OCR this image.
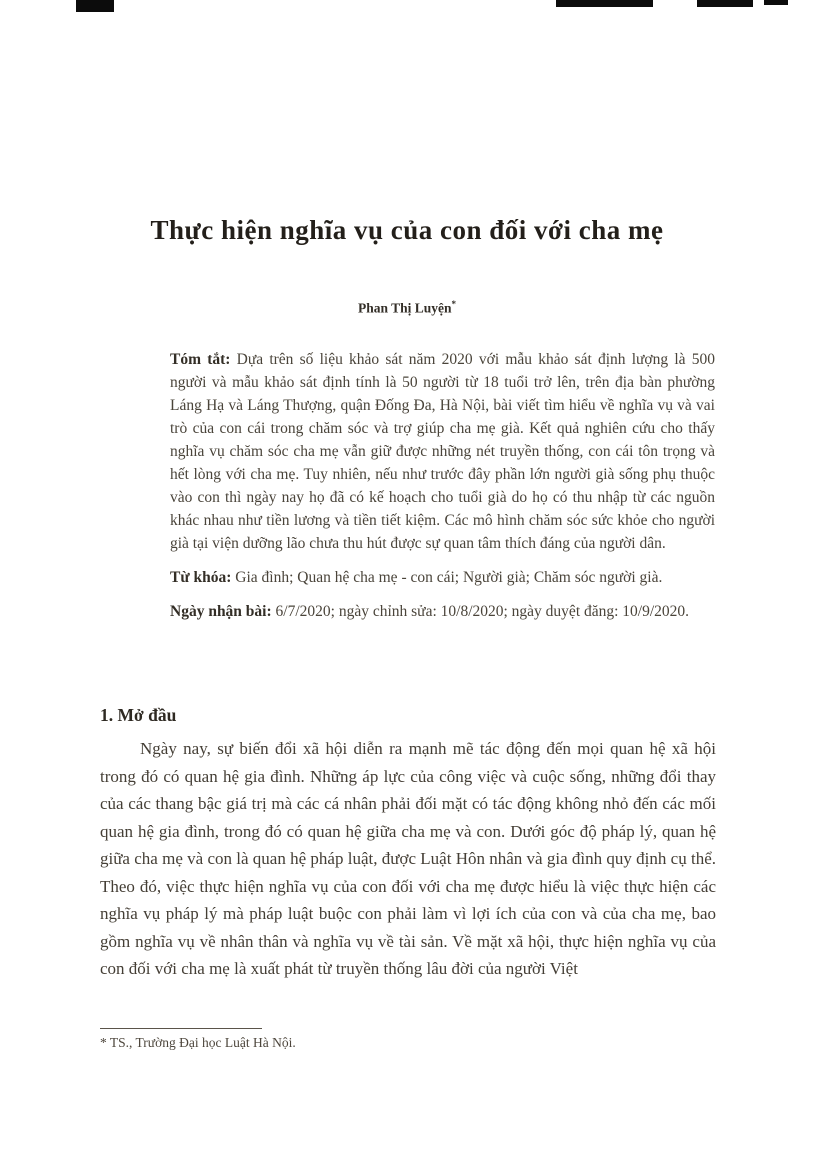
Thực hiện nghĩa vụ của con đối với cha mẹ
Phan Thị Luyện*

Tóm tắt: Dựa trên số liệu khảo sát năm 2020 với mẫu khảo sát định lượng là 500 người và mẫu khảo sát định tính là 50 người từ 18 tuổi trở lên, trên địa bàn phường Láng Hạ và Láng Thượng, quận Đống Đa, Hà Nội, bài viết tìm hiểu về nghĩa vụ và vai trò của con cái trong chăm sóc và trợ giúp cha mẹ già. Kết quả nghiên cứu cho thấy nghĩa vụ chăm sóc cha mẹ vẫn giữ được những nét truyền thống, con cái tôn trọng và hết lòng với cha mẹ. Tuy nhiên, nếu như trước đây phần lớn người già sống phụ thuộc vào con thì ngày nay họ đã có kế hoạch cho tuổi già do họ có thu nhập từ các nguồn khác nhau như tiền lương và tiền tiết kiệm. Các mô hình chăm sóc sức khỏe cho người già tại viện dưỡng lão chưa thu hút được sự quan tâm thích đáng của người dân.

Từ khóa: Gia đình; Quan hệ cha mẹ - con cái; Người già; Chăm sóc người già.

Ngày nhận bài: 6/7/2020; ngày chỉnh sửa: 10/8/2020; ngày duyệt đăng: 10/9/2020.

1. Mở đầu

Ngày nay, sự biến đổi xã hội diễn ra mạnh mẽ tác động đến mọi quan hệ xã hội trong đó có quan hệ gia đình. Những áp lực của công việc và cuộc sống, những đổi thay của các thang bậc giá trị mà các cá nhân phải đối mặt có tác động không nhỏ đến các mối quan hệ gia đình, trong đó có quan hệ giữa cha mẹ và con. Dưới góc độ pháp lý, quan hệ giữa cha mẹ và con là quan hệ pháp luật, được Luật Hôn nhân và gia đình quy định cụ thể. Theo đó, việc thực hiện nghĩa vụ của con đối với cha mẹ được hiểu là việc thực hiện các nghĩa vụ pháp lý mà pháp luật buộc con phải làm vì lợi ích của con và của cha mẹ, bao gồm nghĩa vụ về nhân thân và nghĩa vụ về tài sản. Về mặt xã hội, thực hiện nghĩa vụ của con đối với cha mẹ là xuất phát từ truyền thống lâu đời của người Việt

* TS., Trường Đại học Luật Hà Nội.
